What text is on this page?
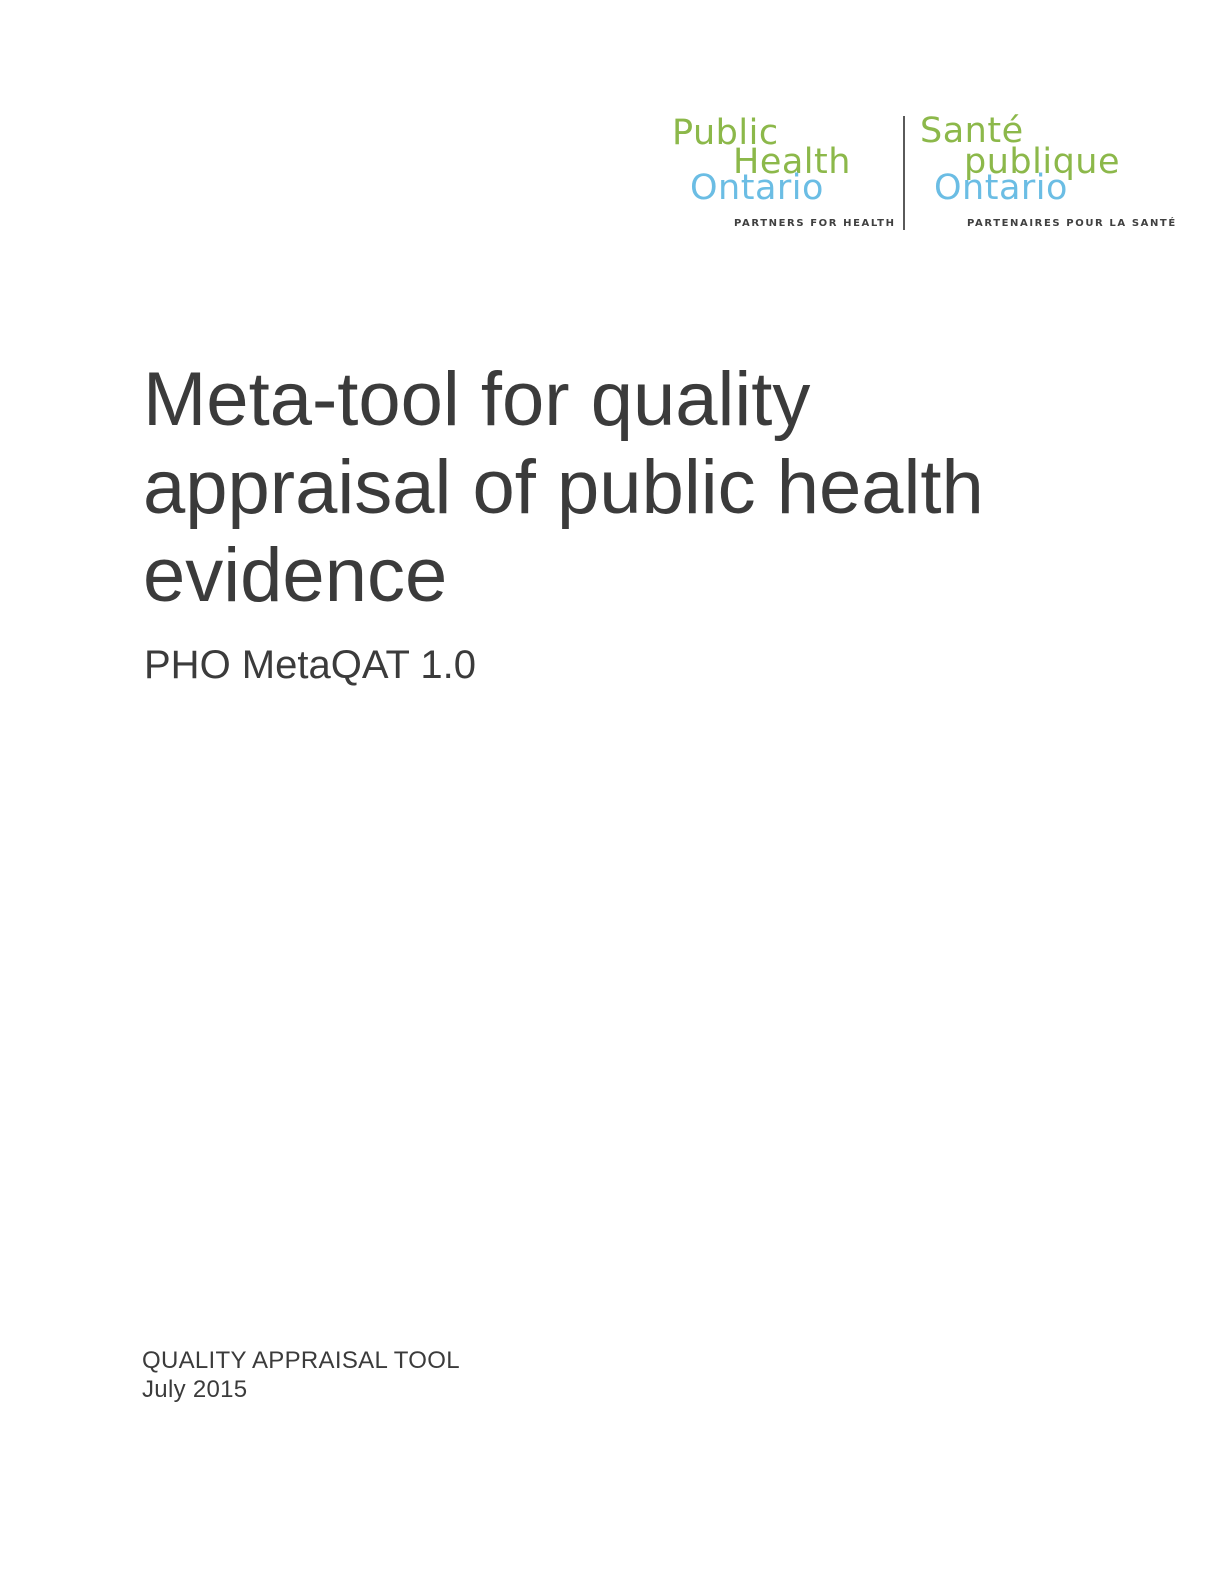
Public
Health
Ontario
PARTNERS FOR HEALTH
Santé
publique
Ontario
PARTENAIRES POUR LA SANTÉ
Meta-tool for quality
appraisal of public health
evidence
PHO MetaQAT 1.0
QUALITY APPRAISAL TOOL
July 2015
